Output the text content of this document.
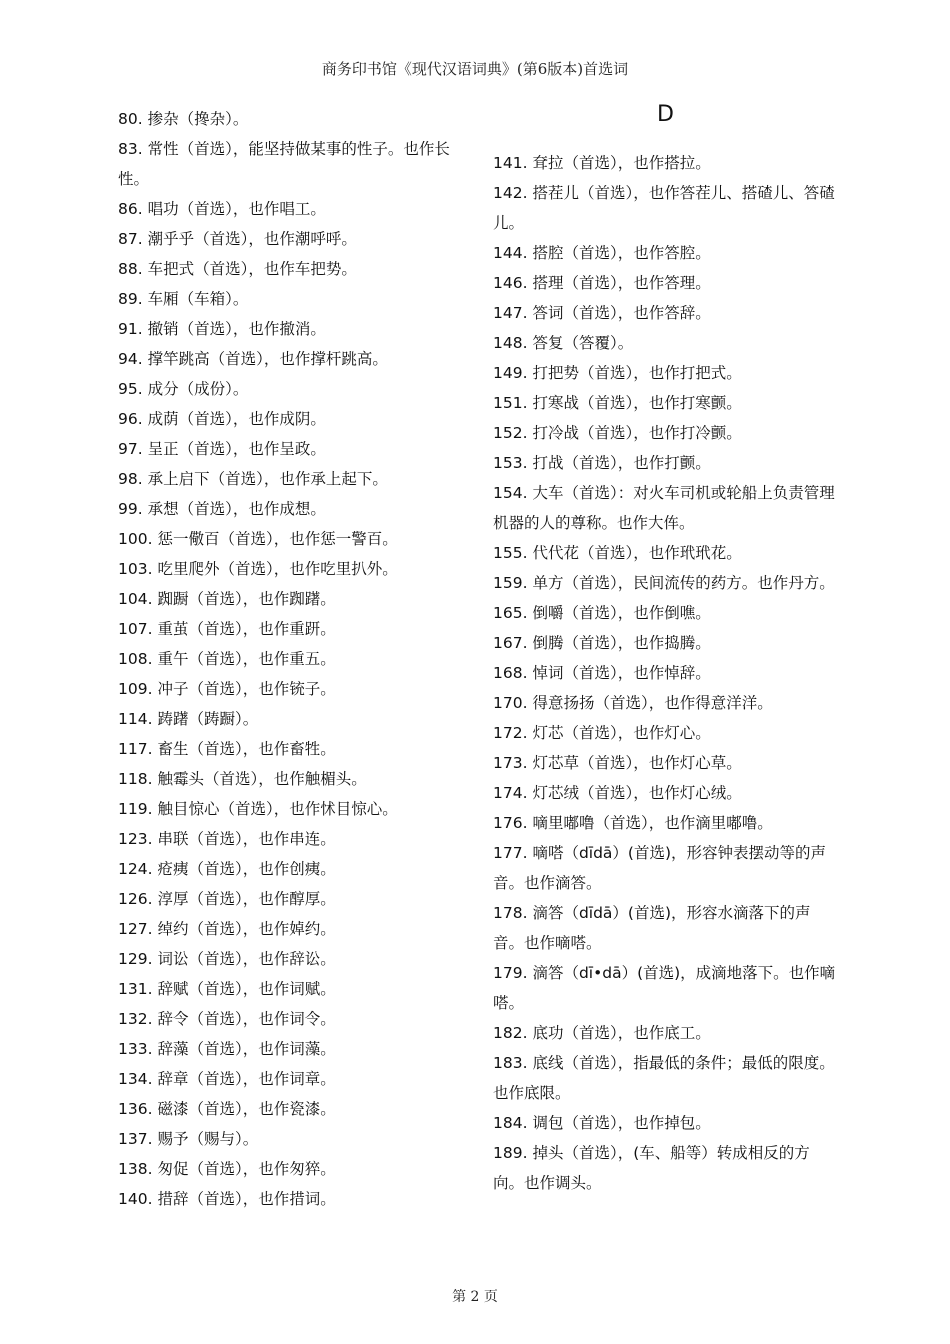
商务印书馆《现代汉语词典》(第6版本)首选词
80. 掺杂（搀杂）。
83. 常性（首选），能坚持做某事的性子。也作长性。
86. 唱功（首选），也作唱工。
87. 潮乎乎（首选），也作潮呼呼。
88. 车把式（首选），也作车把势。
89. 车厢（车箱）。
91. 撤销（首选），也作撤消。
94. 撑竿跳高（首选），也作撑杆跳高。
95. 成分（成份）。
96. 成荫（首选），也作成阴。
97. 呈正（首选），也作呈政。
98. 承上启下（首选），也作承上起下。
99. 承想（首选），也作成想。
100. 惩一儆百（首选），也作惩一警百。
103. 吃里爬外（首选），也作吃里扒外。
104. 踟蹰（首选），也作踟躇。
107. 重茧（首选），也作重趼。
108. 重午（首选），也作重五。
109. 冲子（首选），也作铳子。
114. 踌躇（踌蹰）。
117. 畜生（首选），也作畜牲。
118. 触霉头（首选），也作触楣头。
119. 触目惊心（首选），也作怵目惊心。
123. 串联（首选），也作串连。
124. 疮痍（首选），也作创痍。
126. 淳厚（首选），也作醇厚。
127. 绰约（首选），也作婥约。
129. 词讼（首选），也作辞讼。
131. 辞赋（首选），也作词赋。
132. 辞令（首选），也作词令。
133. 辞藻（首选），也作词藻。
134. 辞章（首选），也作词章。
136. 磁漆（首选），也作瓷漆。
137. 赐予（赐与）。
138. 匆促（首选），也作匆猝。
140. 措辞（首选），也作措词。
D
141. 耷拉（首选），也作搭拉。
142. 搭茬儿（首选），也作答茬儿、搭碴儿、答碴儿。
144. 搭腔（首选），也作答腔。
146. 搭理（首选），也作答理。
147. 答词（首选），也作答辞。
148. 答复（答覆）。
149. 打把势（首选），也作打把式。
151. 打寒战（首选），也作打寒颤。
152. 打冷战（首选），也作打冷颤。
153. 打战（首选），也作打颤。
154. 大车（首选）：对火车司机或轮船上负责管理机器的人的尊称。也作大伡。
155. 代代花（首选），也作玳玳花。
159. 单方（首选），民间流传的药方。也作丹方。
165. 倒嚼（首选），也作倒噍。
167. 倒腾（首选），也作捣腾。
168. 悼词（首选），也作悼辞。
170. 得意扬扬（首选），也作得意洋洋。
172. 灯芯（首选），也作灯心。
173. 灯芯草（首选），也作灯心草。
174. 灯芯绒（首选），也作灯心绒。
176. 嘀里嘟噜（首选），也作滴里嘟噜。
177. 嘀嗒（dīdā）(首选)，形容钟表摆动等的声音。也作滴答。
178. 滴答（dīdā）(首选)，形容水滴落下的声音。也作嘀嗒。
179. 滴答（dī•dā）(首选)，成滴地落下。也作嘀嗒。
182. 底功（首选），也作底工。
183. 底线（首选），指最低的条件；最低的限度。也作底限。
184. 调包（首选），也作掉包。
189. 掉头（首选），(车、船等）转成相反的方向。也作调头。
第 2 页
